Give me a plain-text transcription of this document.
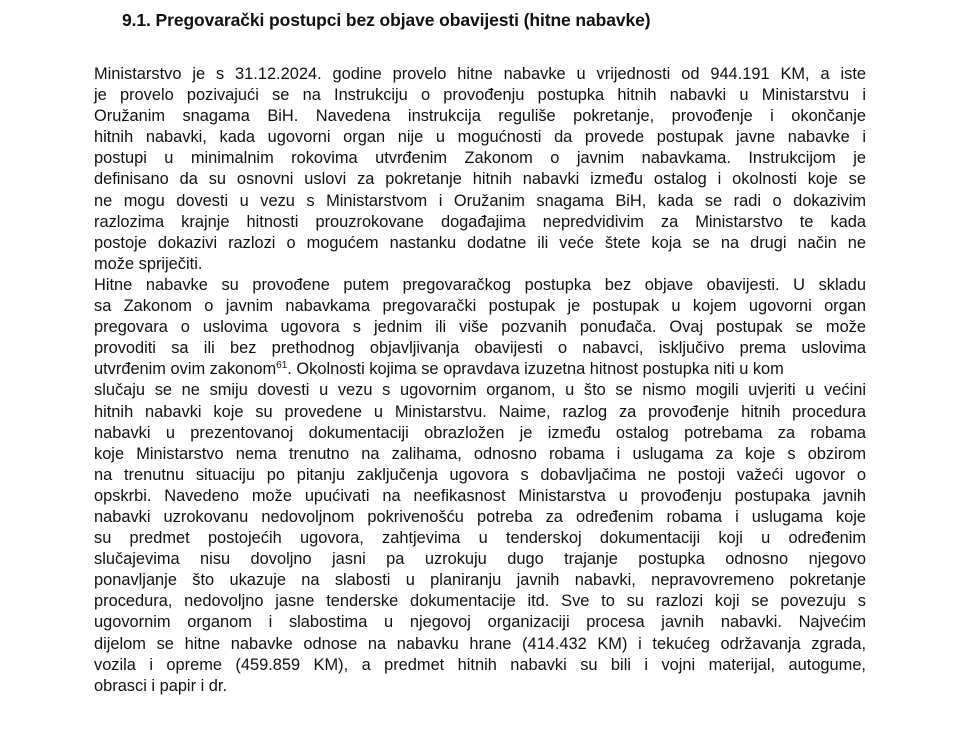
9.1. Pregovarački postupci bez objave obavijesti (hitne nabavke)
Ministarstvo je s 31.12.2024. godine provelo hitne nabavke u vrijednosti od 944.191 KM, a iste
je provelo pozivajući se na Instrukciju o provođenju postupka hitnih nabavki u Ministarstvu i
Oružanim snagama BiH. Navedena instrukcija reguliše pokretanje, provođenje i okončanje
hitnih nabavki, kada ugovorni organ nije u mogućnosti da provede postupak javne nabavke i
postupi u minimalnim rokovima utvrđenim Zakonom o javnim nabavkama. Instrukcijom je
definisano da su osnovni uslovi za pokretanje hitnih nabavki između ostalog i okolnosti koje se
ne mogu dovesti u vezu s Ministarstvom i Oružanim snagama BiH, kada se radi o dokazivim
razlozima krajnje hitnosti prouzrokovane događajima nepredvidivim za Ministarstvo te kada
postoje dokazivi razlozi o mogućem nastanku dodatne ili veće štete koja se na drugi način ne
može spriječiti.
Hitne nabavke su provođene putem pregovaračkog postupka bez objave obavijesti. U skladu
sa Zakonom o javnim nabavkama pregovarački postupak je postupak u kojem ugovorni organ
pregovara o uslovima ugovora s jednim ili više pozvanih ponuđača. Ovaj postupak se može
provoditi sa ili bez prethodnog objavljivanja obavijesti o nabavci, isključivo prema uslovima
utvrđenim ovim zakonom$^{61}$. Okolnosti kojima se opravdava izuzetna hitnost postupka niti u kom
slučaju se ne smiju dovesti u vezu s ugovornim organom, u što se nismo mogili uvjeriti u većini
hitnih nabavki koje su provedene u Ministarstvu. Naime, razlog za provođenje hitnih procedura
nabavki u prezentovanoj dokumentaciji obrazložen je između ostalog potrebama za robama
koje Ministarstvo nema trenutno na zalihama, odnosno robama i uslugama za koje s obzirom
na trenutnu situaciju po pitanju zaključenja ugovora s dobavljačima ne postoji važeći ugovor o
opskrbi. Navedeno može upućivati na neefikasnost Ministarstva u provođenju postupaka javnih
nabavki uzrokovanu nedovoljnom pokrivenošću potreba za određenim robama i uslugama koje
su predmet postojećih ugovora, zahtjevima u tenderskoj dokumentaciji koji u određenim
slučajevima nisu dovoljno jasni pa uzrokuju dugo trajanje postupka odnosno njegovo
ponavljanje što ukazuje na slabosti u planiranju javnih nabavki, nepravovremeno pokretanje
procedura, nedovoljno jasne tenderske dokumentacije itd. Sve to su razlozi koji se povezuju s
ugovornim organom i slabostima u njegovoj organizaciji procesa javnih nabavki. Najvećim
dijelom se hitne nabavke odnose na nabavku hrane (414.432 KM) i tekućeg održavanja zgrada,
vozila i opreme (459.859 KM), a predmet hitnih nabavki su bili i vojni materijal, autogume,
obrasci i papir i dr.
